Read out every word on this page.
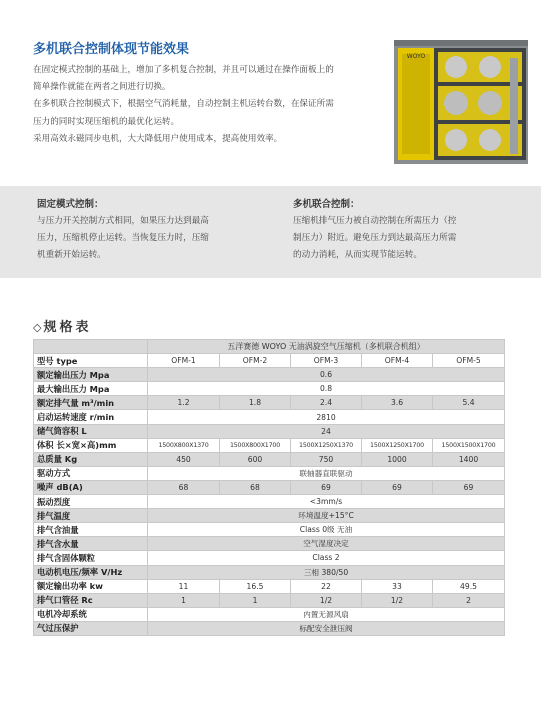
多机联合控制体现节能效果

在固定模式控制的基础上，增加了多机复合控制，并且可以通过在操作面板上的

简单操作就能在两者之间进行切换。

在多机联合控制模式下，根据空气消耗量，自动控制主机运转台数，在保证所需

压力的同时实现压缩机的最优化运转。

采用高效永磁同步电机，大大降低用户使用成本，提高使用效率。

WOYO
固定模式控制：
与压力开关控制方式相同，如果压力达到最高
压力，压缩机停止运转。当恢复压力时，压缩
机重新开始运转。
多机联合控制：
压缩机排气压力被自动控制在所需压力（控
制压力）附近。避免压力到达最高压力所需
的动力消耗，从而实现节能运转。
◇ 规格表
	五洋赛德 WOYO 无油涡旋空气压缩机（多机联合机组）				
型号 type	OFM-1	OFM-2	OFM-3	OFM-4	OFM-5
额定输出压力 Mpa	0.6				
最大输出压力 Mpa	0.8				
额定排气量 m³/min	1.2	1.8	2.4	3.6	5.4
启动运转速度 r/min	2810				
储气筒容积 L	24				
体积 长×宽×高)mm	1500X800X1370	1500X800X1700	1500X1250X1370	1500X1250X1700	1500X1500X1700
总质量 Kg	450	600	750	1000	1400
驱动方式	联轴器直联驱动				
噪声 dB(A)	68	68	69	69	69
振动烈度	<3mm/s				
排气温度	环境温度+15°C				
排气含油量	Class 0级 无油				
排气含水量	空气湿度决定				
排气含固体颗粒	Class 2				
电动机电压/频率 V/Hz	三相 380/50				
额定输出功率 kw	11	16.5	22	33	49.5
排气口管径 Rc	1	1	1/2	1/2	2
电机冷却系统	内置无源风扇				
气过压保护	标配安全泄压阀				
